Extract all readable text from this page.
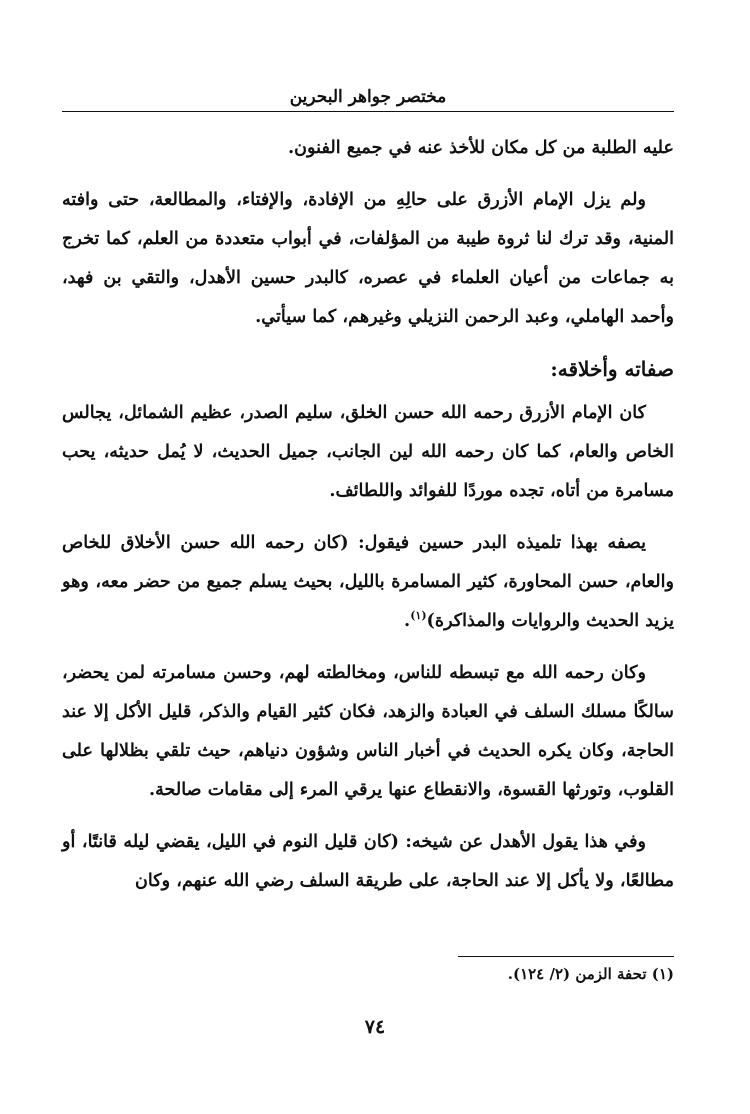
مختصر جواهر البحرين

عليه الطلبة من كل مكان للأخذ عنه في جميع الفنون.

ولم يزل الإمام الأزرق على حالِهِ من الإفادة، والإفتاء، والمطالعة، حتى وافته المنية، وقد ترك لنا ثروة طيبة من المؤلفات، في أبواب متعددة من العلم، كما تخرج به جماعات من أعيان العلماء في عصره، كالبدر حسين الأهدل، والتقي بن فهد، وأحمد الهاملي، وعبد الرحمن النزيلي وغيرهم، كما سيأتي.

صفاته وأخلاقه:

كان الإمام الأزرق رحمه الله حسن الخلق، سليم الصدر، عظيم الشمائل، يجالس الخاص والعام، كما كان رحمه الله لين الجانب، جميل الحديث، لا يُمل حديثه، يحب مسامرة من أتاه، تجده موردًا للفوائد واللطائف.

يصفه بهذا تلميذه البدر حسين فيقول: (كان رحمه الله حسن الأخلاق للخاص والعام، حسن المحاورة، كثير المسامرة بالليل، بحيث يسلم جميع من حضر معه، وهو يزيد الحديث والروايات والمذاكرة)$^{(١)}$.

وكان رحمه الله مع تبسطه للناس، ومخالطته لهم، وحسن مسامرته لمن يحضر، سالكًا مسلك السلف في العبادة والزهد، فكان كثير القيام والذكر، قليل الأكل إلا عند الحاجة، وكان يكره الحديث في أخبار الناس وشؤون دنياهم، حيث تلقي بظلالها على القلوب، وتورثها القسوة، والانقطاع عنها يرقي المرء إلى مقامات صالحة.

وفي هذا يقول الأهدل عن شيخه: (كان قليل النوم في الليل، يقضي ليله قانتًا، أو مطالعًا، ولا يأكل إلا عند الحاجة، على طريقة السلف رضي الله عنهم، وكان

(١) تحفة الزمن (٢/ ١٢٤).
٧٤
